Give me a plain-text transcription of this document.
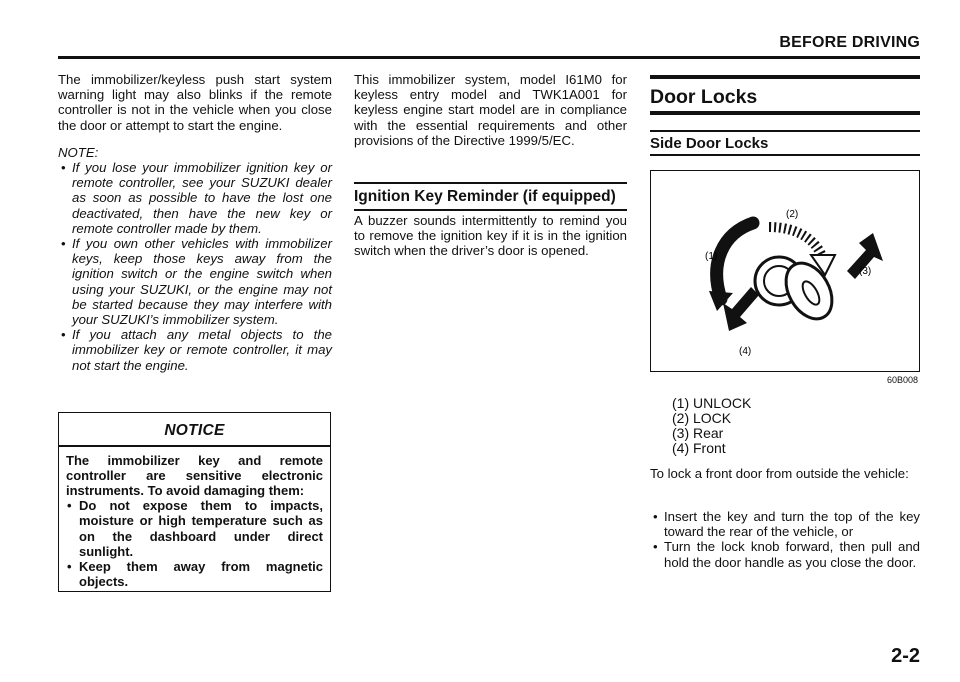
BEFORE DRIVING

The immobilizer/keyless push start system warning light may also blinks if the remote controller is not in the vehicle when you close the door or attempt to start the engine.

NOTE:

• If you lose your immobilizer ignition key or remote controller, see your SUZUKI dealer as soon as possible to have the lost one deactivated, then have the new key or remote controller made by them.
• If you own other vehicles with immobilizer keys, keep those keys away from the ignition switch or the engine switch when using your SUZUKI, or the engine may not be started because they may interfere with your SUZUKI’s immobilizer system.
• If you attach any metal objects to the immobilizer key or remote controller, it may not start the engine.
NOTICE
The immobilizer key and remote controller are sensitive electronic instruments. To avoid damaging them:
• Do not expose them to impacts, moisture or high temperature such as on the dashboard under direct sunlight.
• Keep them away from magnetic objects.

This immobilizer system, model I61M0 for keyless entry model and TWK1A001 for keyless engine start model are in compliance with the essential requirements and other provisions of the Directive 1999/5/EC.

Ignition Key Reminder (if equipped)
A buzzer sounds intermittently to remind you to remove the ignition key if it is in the ignition switch when the driver’s door is opened.
Door Locks
Side Door Locks
(2)
(1)
(3)
(4)
60B008
(1) UNLOCK
(2) LOCK
(3) Rear
(4) Front
To lock a front door from outside the vehicle:
• Insert the key and turn the top of the key toward the rear of the vehicle, or
• Turn the lock knob forward, then pull and hold the door handle as you close the door.
2-2
